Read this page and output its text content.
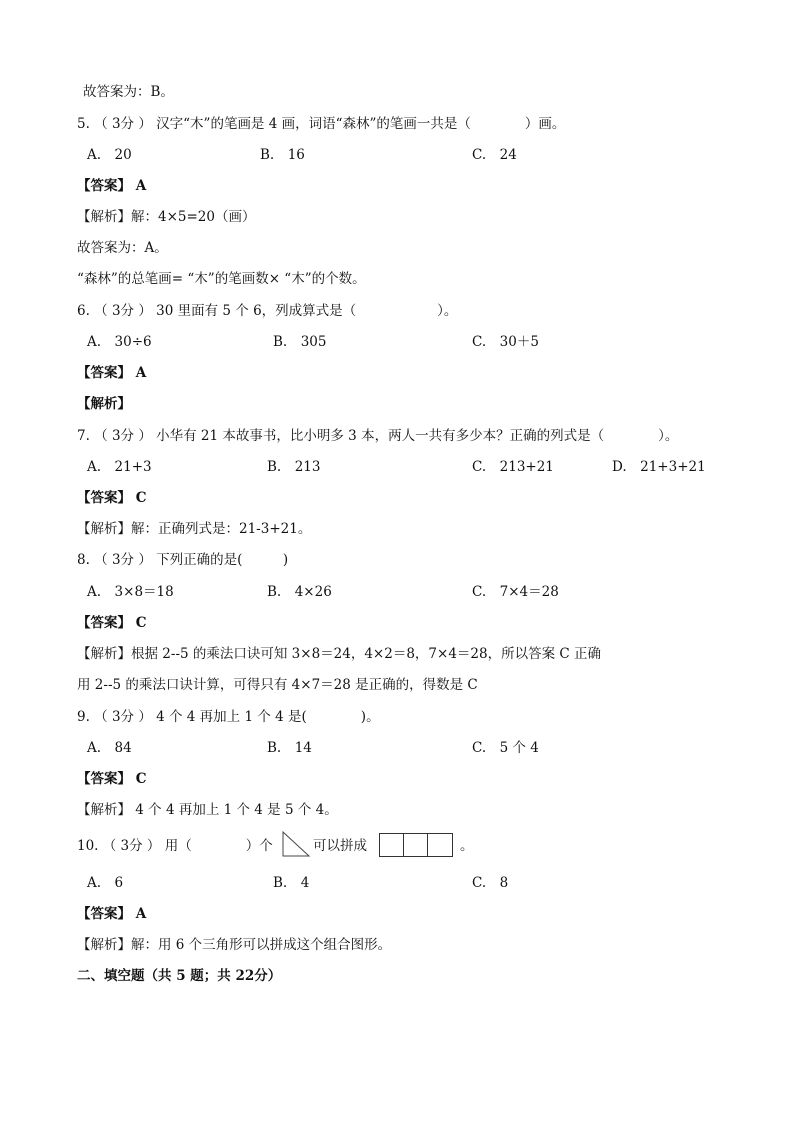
故答案为：B。
5. （ 3分 ） 汉字“木”的笔画是 4 画，词语“森林”的笔画一共是（　　　　）画。
A.　20	B.　16	C.　24
【答案】 A
【解析】解：4×5=20（画）
故答案为：A。
“森林”的总笔画= “木”的笔画数× “木”的个数。
6. （ 3分 ） 30 里面有 5 个 6，列成算式是（　　　　　　）。
A.　30÷6	B.　305	C.　30＋5
【答案】 A
【解析】
7. （ 3分 ） 小华有 21 本故事书，比小明多 3 本，两人一共有多少本？正确的列式是（　　　　）。
A.　21+3	B.　213	C.　213+21	D.　21+3+21
【答案】 C
【解析】解：正确列式是：21-3+21。
8. （ 3分 ） 下列正确的是(　　　)
A.　3×8＝18	B.　4×26	C.　7×4＝28
【答案】 C
【解析】根据 2--5 的乘法口诀可知 3×8＝24，4×2＝8，7×4＝28，所以答案 C 正确
用 2--5 的乘法口诀计算，可得只有 4×7＝28 是正确的，得数是 C
9. （ 3分 ） 4 个 4 再加上 1 个 4 是(　　　　)。
A.　84	B.　14	C.　5 个 4
【答案】 C
【解析】 4 个 4 再加上 1 个 4 是 5 个 4。
10. （ 3分 ） 用（　　　　）个	可以拼成	。
A.　6	B.　4	C.　8
【答案】 A
【解析】解：用 6 个三角形可以拼成这个组合图形。
二、填空题（共 5 题；共 22分）
